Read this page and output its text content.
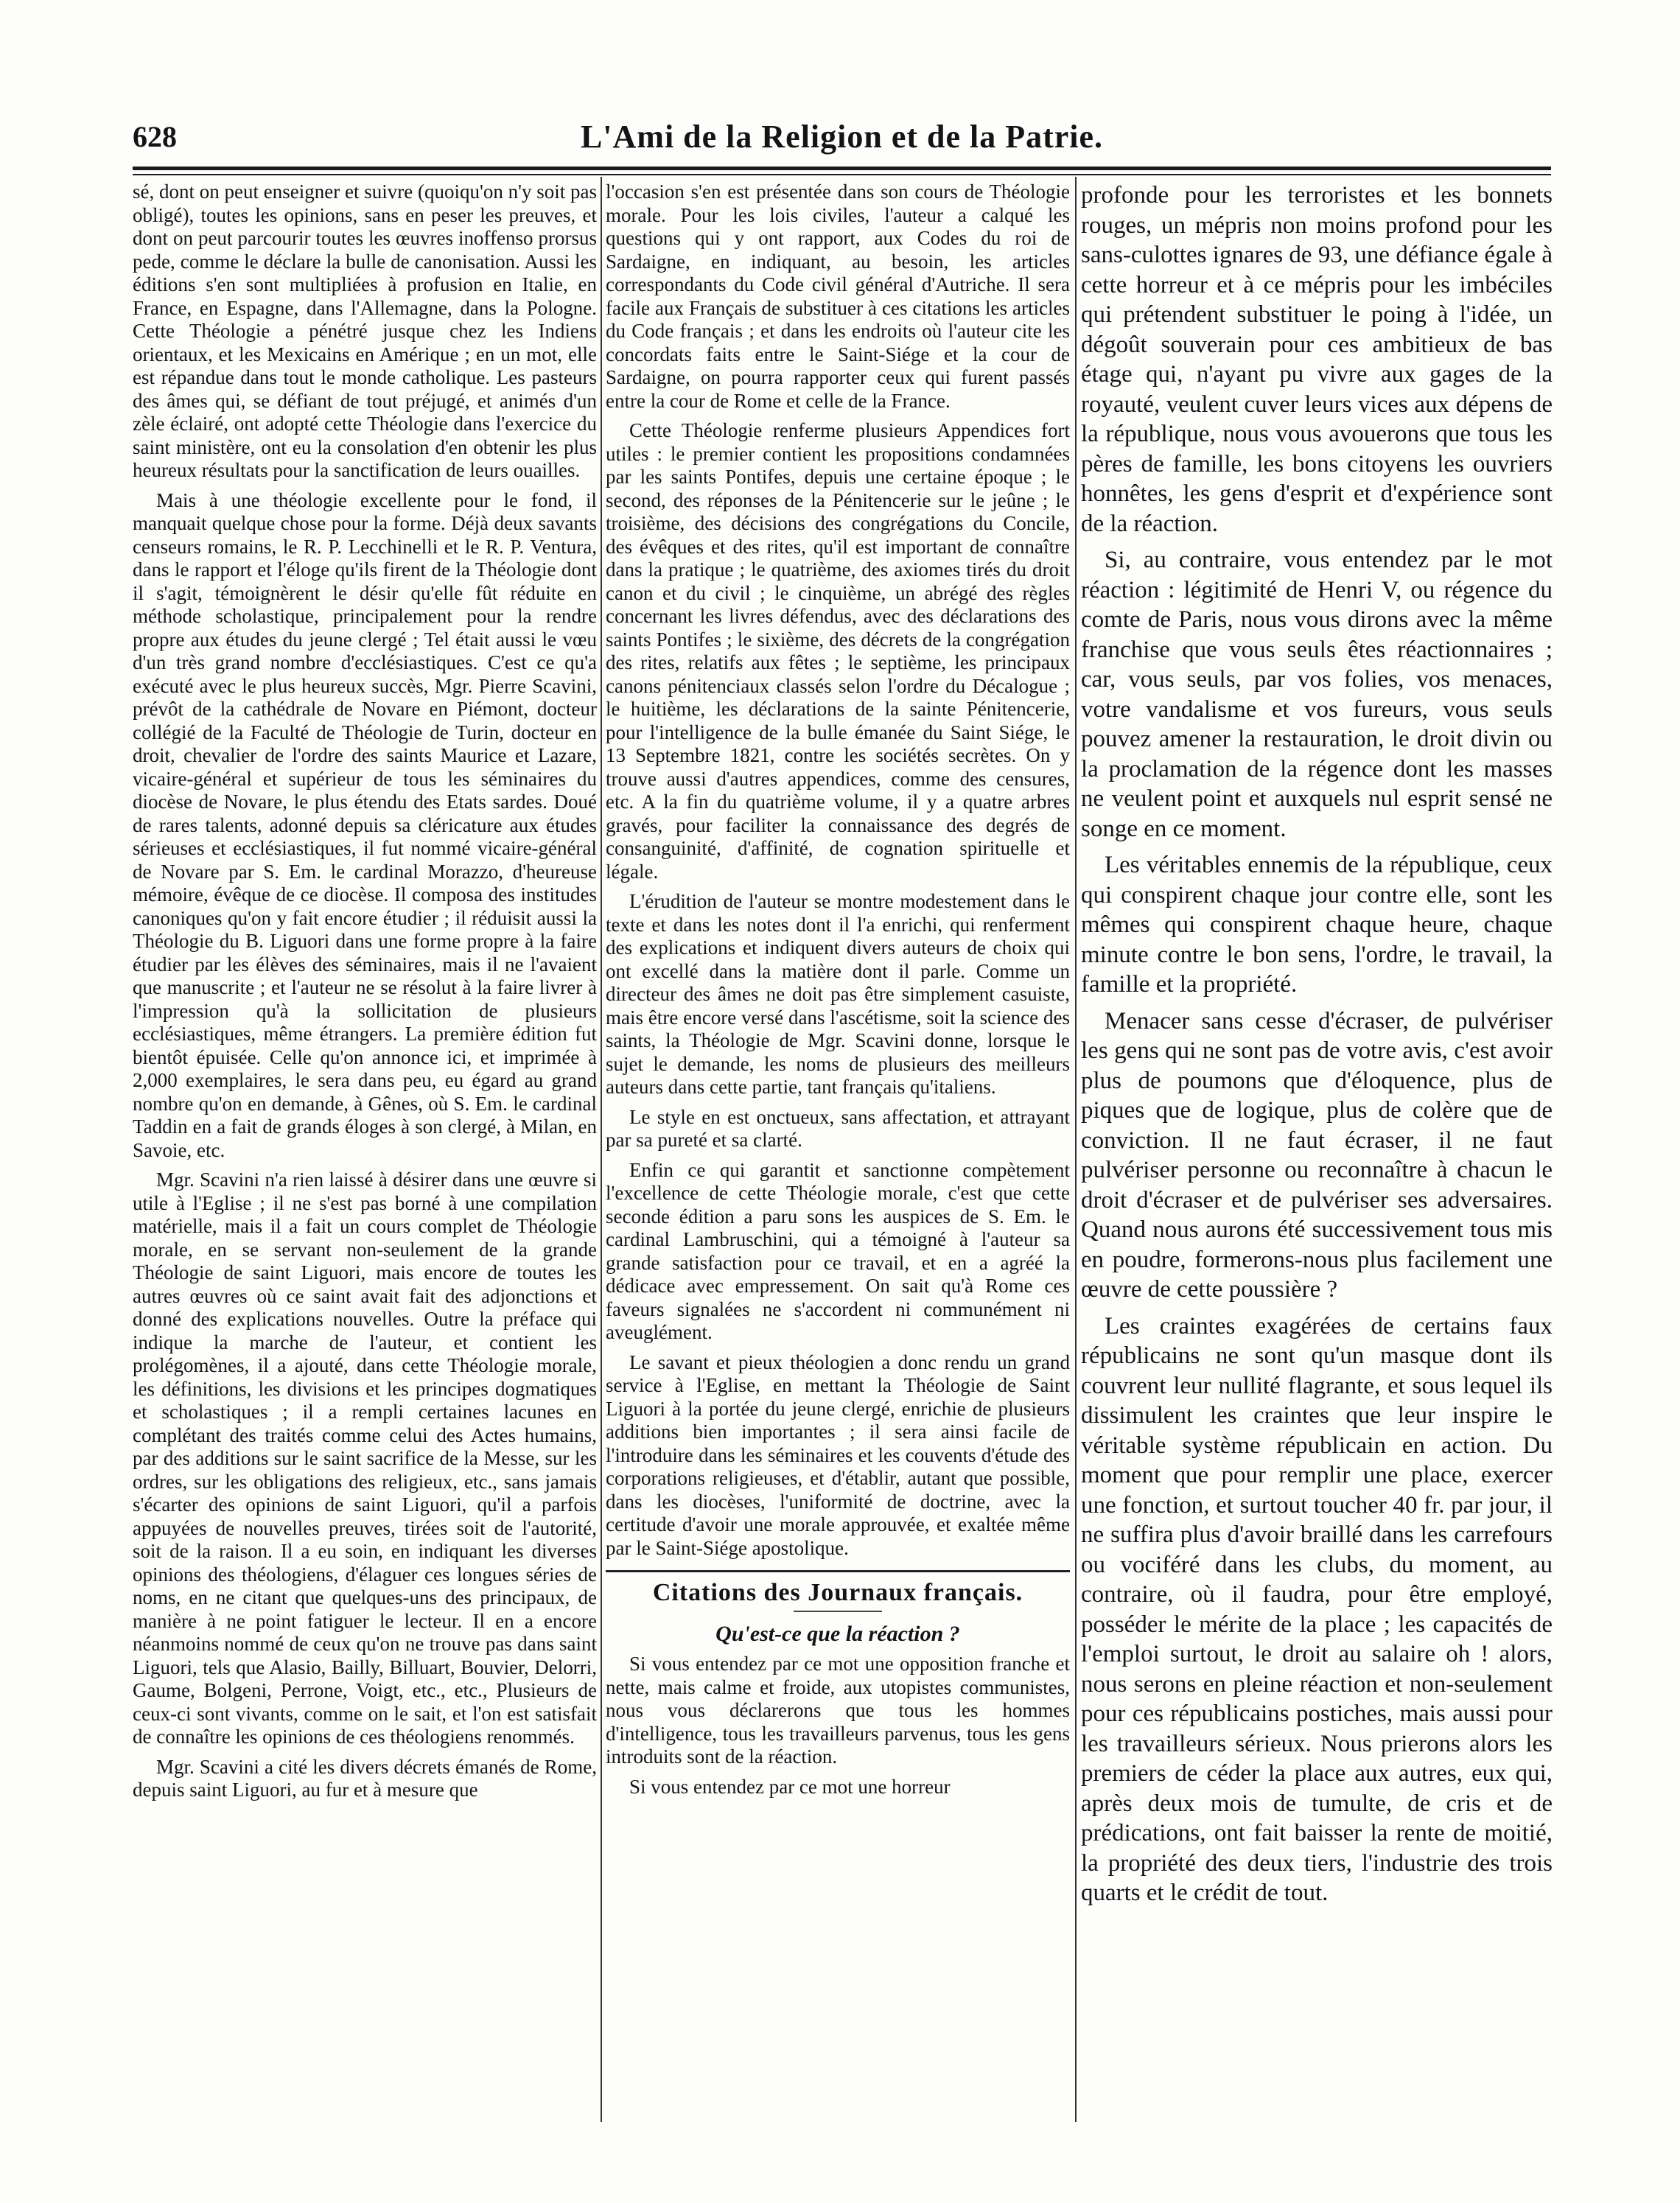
628	L'Ami de la Religion et de la Patrie.

sé, dont on peut enseigner et suivre (quoiqu'on n'y soit pas obligé), toutes les opinions, sans en peser les preuves, et dont on peut parcourir toutes les œuvres inoffenso prorsus pede, comme le déclare la bulle de canonisation. Aussi les éditions s'en sont multipliées à profusion en Italie, en France, en Espagne, dans l'Allemagne, dans la Pologne. Cette Théologie a pénétré jusque chez les Indiens orientaux, et les Mexicains en Amérique ; en un mot, elle est répandue dans tout le monde catholique. Les pasteurs des âmes qui, se défiant de tout préjugé, et animés d'un zèle éclairé, ont adopté cette Théologie dans l'exercice du saint ministère, ont eu la consolation d'en obtenir les plus heureux résultats pour la sanctification de leurs ouailles.

Mais à une théologie excellente pour le fond, il manquait quelque chose pour la forme. Déjà deux savants censeurs romains, le R. P. Lecchinelli et le R. P. Ventura, dans le rapport et l'éloge qu'ils firent de la Théologie dont il s'agit, témoignèrent le désir qu'elle fût réduite en méthode scholastique, principalement pour la rendre propre aux études du jeune clergé ; Tel était aussi le vœu d'un très grand nombre d'ecclésiastiques. C'est ce qu'a exécuté avec le plus heureux succès, Mgr. Pierre Scavini, prévôt de la cathédrale de Novare en Piémont, docteur collégié de la Faculté de Théologie de Turin, docteur en droit, chevalier de l'ordre des saints Maurice et Lazare, vicaire-général et supérieur de tous les séminaires du diocèse de Novare, le plus étendu des Etats sardes. Doué de rares talents, adonné depuis sa cléricature aux études sérieuses et ecclésiastiques, il fut nommé vicaire-général de Novare par S. Em. le cardinal Morazzo, d'heureuse mémoire, évêque de ce diocèse. Il composa des institudes canoniques qu'on y fait encore étudier ; il réduisit aussi la Théologie du B. Liguori dans une forme propre à la faire étudier par les élèves des séminaires, mais il ne l'avaient que manuscrite ; et l'auteur ne se résolut à la faire livrer à l'impression qu'à la sollicitation de plusieurs ecclésiastiques, même étrangers. La première édition fut bientôt épuisée. Celle qu'on annonce ici, et imprimée à 2,000 exemplaires, le sera dans peu, eu égard au grand nombre qu'on en demande, à Gênes, où S. Em. le cardinal Taddin en a fait de grands éloges à son clergé, à Milan, en Savoie, etc.

Mgr. Scavini n'a rien laissé à désirer dans une œuvre si utile à l'Eglise ; il ne s'est pas borné à une compilation matérielle, mais il a fait un cours complet de Théologie morale, en se servant non-seulement de la grande Théologie de saint Liguori, mais encore de toutes les autres œuvres où ce saint avait fait des adjonctions et donné des explications nouvelles. Outre la préface qui indique la marche de l'auteur, et contient les prolégomènes, il a ajouté, dans cette Théologie morale, les définitions, les divisions et les principes dogmatiques et scholastiques ; il a rempli certaines lacunes en complétant des traités comme celui des Actes humains, par des additions sur le saint sacrifice de la Messe, sur les ordres, sur les obligations des religieux, etc., sans jamais s'écarter des opinions de saint Liguori, qu'il a parfois appuyées de nouvelles preuves, tirées soit de l'autorité, soit de la raison. Il a eu soin, en indiquant les diverses opinions des théologiens, d'élaguer ces longues séries de noms, en ne citant que quelques-uns des principaux, de manière à ne point fatiguer le lecteur. Il en a encore néanmoins nommé de ceux qu'on ne trouve pas dans saint Liguori, tels que Alasio, Bailly, Billuart, Bouvier, Delorri, Gaume, Bolgeni, Perrone, Voigt, etc., etc., Plusieurs de ceux-ci sont vivants, comme on le sait, et l'on est satisfait de connaître les opinions de ces théologiens renommés.

Mgr. Scavini a cité les divers décrets émanés de Rome, depuis saint Liguori, au fur et à mesure que

l'occasion s'en est présentée dans son cours de Théologie morale. Pour les lois civiles, l'auteur a calqué les questions qui y ont rapport, aux Codes du roi de Sardaigne, en indiquant, au besoin, les articles correspondants du Code civil général d'Autriche. Il sera facile aux Français de substituer à ces citations les articles du Code français ; et dans les endroits où l'auteur cite les concordats faits entre le Saint-Siége et la cour de Sardaigne, on pourra rapporter ceux qui furent passés entre la cour de Rome et celle de la France.

Cette Théologie renferme plusieurs Appendices fort utiles : le premier contient les propositions condamnées par les saints Pontifes, depuis une certaine époque ; le second, des réponses de la Pénitencerie sur le jeûne ; le troisième, des décisions des congrégations du Concile, des évêques et des rites, qu'il est important de connaître dans la pratique ; le quatrième, des axiomes tirés du droit canon et du civil ; le cinquième, un abrégé des règles concernant les livres défendus, avec des déclarations des saints Pontifes ; le sixième, des décrets de la congrégation des rites, relatifs aux fêtes ; le septième, les principaux canons pénitenciaux classés selon l'ordre du Décalogue ; le huitième, les déclarations de la sainte Pénitencerie, pour l'intelligence de la bulle émanée du Saint Siége, le 13 Septembre 1821, contre les sociétés secrètes. On y trouve aussi d'autres appendices, comme des censures, etc. A la fin du quatrième volume, il y a quatre arbres gravés, pour faciliter la connaissance des degrés de consanguinité, d'affinité, de cognation spirituelle et légale.

L'érudition de l'auteur se montre modestement dans le texte et dans les notes dont il l'a enrichi, qui renferment des explications et indiquent divers auteurs de choix qui ont excellé dans la matière dont il parle. Comme un directeur des âmes ne doit pas être simplement casuiste, mais être encore versé dans l'ascétisme, soit la science des saints, la Théologie de Mgr. Scavini donne, lorsque le sujet le demande, les noms de plusieurs des meilleurs auteurs dans cette partie, tant français qu'italiens.

Le style en est onctueux, sans affectation, et attrayant par sa pureté et sa clarté.

Enfin ce qui garantit et sanctionne compètement l'excellence de cette Théologie morale, c'est que cette seconde édition a paru sons les auspices de S. Em. le cardinal Lambruschini, qui a témoigné à l'auteur sa grande satisfaction pour ce travail, et en a agréé la dédicace avec empressement. On sait qu'à Rome ces faveurs signalées ne s'accordent ni communément ni aveuglément.

Le savant et pieux théologien a donc rendu un grand service à l'Eglise, en mettant la Théologie de Saint Liguori à la portée du jeune clergé, enrichie de plusieurs additions bien importantes ; il sera ainsi facile de l'introduire dans les séminaires et les couvents d'étude des corporations religieuses, et d'établir, autant que possible, dans les diocèses, l'uniformité de doctrine, avec la certitude d'avoir une morale approuvée, et exaltée même par le Saint-Siége apostolique.

Citations des Journaux français.
Qu'est-ce que la réaction ?

Si vous entendez par ce mot une opposition franche et nette, mais calme et froide, aux utopistes communistes, nous vous déclarerons que tous les hommes d'intelligence, tous les travailleurs parvenus, tous les gens introduits sont de la réaction.

Si vous entendez par ce mot une horreur

profonde pour les terroristes et les bonnets rouges, un mépris non moins profond pour les sans-culottes ignares de 93, une défiance égale à cette horreur et à ce mépris pour les imbéciles qui prétendent substituer le poing à l'idée, un dégoût souverain pour ces ambitieux de bas étage qui, n'ayant pu vivre aux gages de la royauté, veulent cuver leurs vices aux dépens de la république, nous vous avouerons que tous les pères de famille, les bons citoyens les ouvriers honnêtes, les gens d'esprit et d'expérience sont de la réaction.

Si, au contraire, vous entendez par le mot réaction : légitimité de Henri V, ou régence du comte de Paris, nous vous dirons avec la même franchise que vous seuls êtes réactionnaires ; car, vous seuls, par vos folies, vos menaces, votre vandalisme et vos fureurs, vous seuls pouvez amener la restauration, le droit divin ou la proclamation de la régence dont les masses ne veulent point et auxquels nul esprit sensé ne songe en ce moment.

Les véritables ennemis de la république, ceux qui conspirent chaque jour contre elle, sont les mêmes qui conspirent chaque heure, chaque minute contre le bon sens, l'ordre, le travail, la famille et la propriété.

Menacer sans cesse d'écraser, de pulvériser les gens qui ne sont pas de votre avis, c'est avoir plus de poumons que d'éloquence, plus de piques que de logique, plus de colère que de conviction. Il ne faut écraser, il ne faut pulvériser personne ou reconnaître à chacun le droit d'écraser et de pulvériser ses adversaires. Quand nous aurons été successivement tous mis en poudre, formerons-nous plus facilement une œuvre de cette poussière ?

Les craintes exagérées de certains faux républicains ne sont qu'un masque dont ils couvrent leur nullité flagrante, et sous lequel ils dissimulent les craintes que leur inspire le véritable système républicain en action. Du moment que pour remplir une place, exercer une fonction, et surtout toucher 40 fr. par jour, il ne suffira plus d'avoir braillé dans les carrefours ou vociféré dans les clubs, du moment, au contraire, où il faudra, pour être employé, posséder le mérite de la place ; les capacités de l'emploi surtout, le droit au salaire oh ! alors, nous serons en pleine réaction et non-seulement pour ces républicains postiches, mais aussi pour les travailleurs sérieux. Nous prierons alors les premiers de céder la place aux autres, eux qui, après deux mois de tumulte, de cris et de prédications, ont fait baisser la rente de moitié, la propriété des deux tiers, l'industrie des trois quarts et le crédit de tout.
